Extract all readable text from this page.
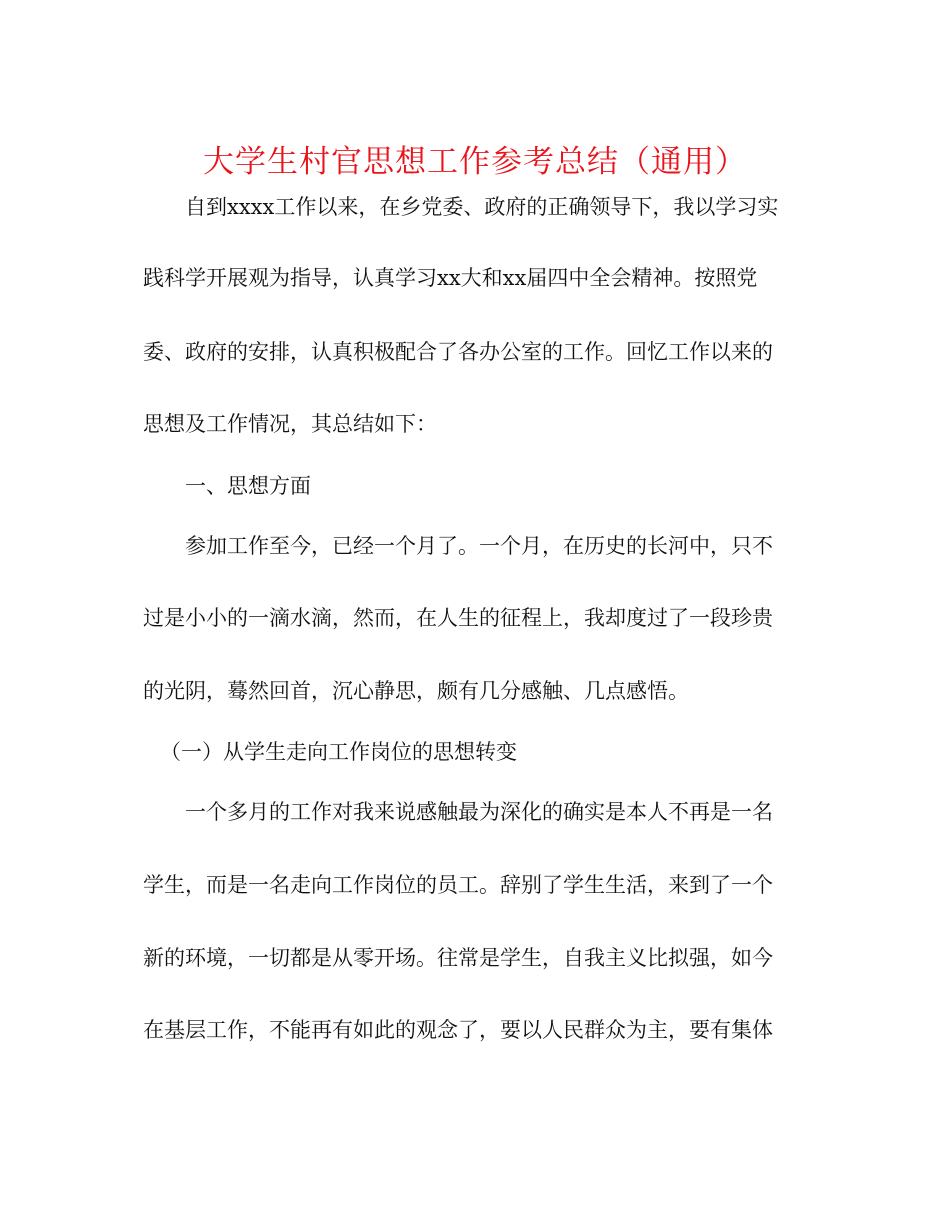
大学生村官思想工作参考总结（通用）
自到xxxx工作以来，在乡党委、政府的正确领导下，我以学习实
践科学开展观为指导，认真学习xx大和xx届四中全会精神。按照党
委、政府的安排，认真积极配合了各办公室的工作。回忆工作以来的
思想及工作情况，其总结如下：
一、思想方面
参加工作至今，已经一个月了。一个月，在历史的长河中，只不
过是小小的一滴水滴，然而，在人生的征程上，我却度过了一段珍贵
的光阴，蓦然回首，沉心静思，颇有几分感触、几点感悟。
（一）从学生走向工作岗位的思想转变
一个多月的工作对我来说感触最为深化的确实是本人不再是一名
学生，而是一名走向工作岗位的员工。辞别了学生生活，来到了一个
新的环境，一切都是从零开场。往常是学生，自我主义比拟强，如今
在基层工作，不能再有如此的观念了，要以人民群众为主，要有集体
